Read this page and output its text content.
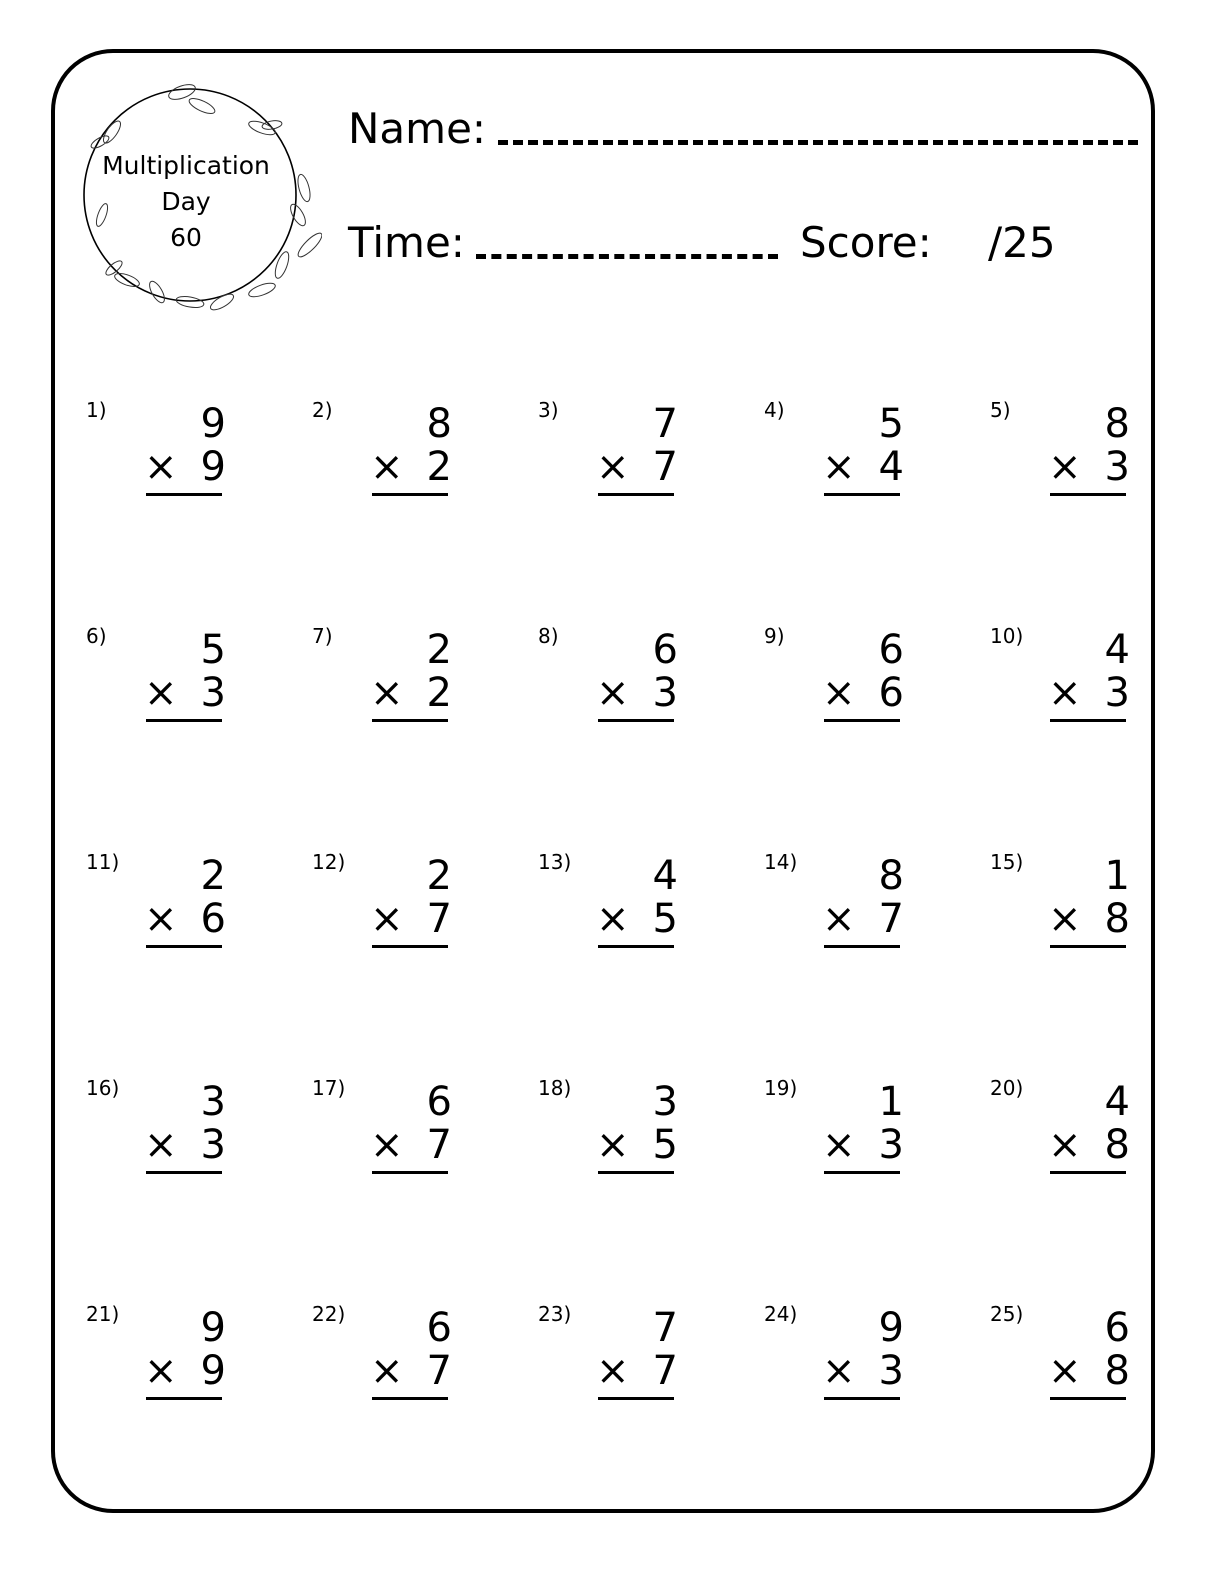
Multiplication
Day
60
Name:
Time:	Score: /25
1) 9
× 9
2) 8
× 2
3) 7
× 7
4) 5
× 4
5) 8
× 3
6) 5
× 3
7) 2
× 2
8) 6
× 3
9) 6
× 6
10) 4
× 3
11) 2
× 6
12) 2
× 7
13) 4
× 5
14) 8
× 7
15) 1
× 8
16) 3
× 3
17) 6
× 7
18) 3
× 5
19) 1
× 3
20) 4
× 8
21) 9
× 9
22) 6
× 7
23) 7
× 7
24) 9
× 3
25) 6
× 8
